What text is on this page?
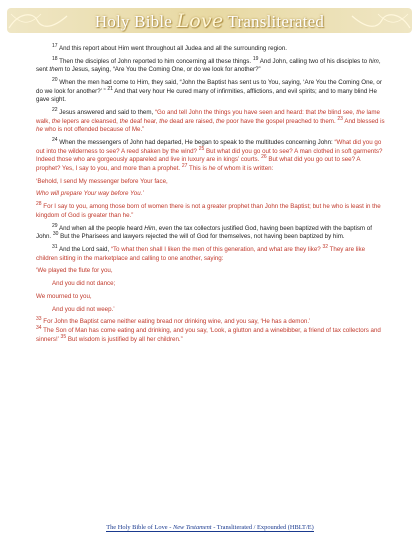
Holy Bible Love Transliterated

$^{17}$ And this report about Him went throughout all Judea and all the surrounding region.

$^{18}$ Then the disciples of John reported to him concerning all these things. $^{19}$ And John, calling two of his disciples to him, sent them to Jesus, saying, “Are You the Coming One, or do we look for another?”

$^{20}$ When the men had come to Him, they said, “John the Baptist has sent us to You, saying, ‘Are You the Coming One, or do we look for another?’ ” $^{21}$ And that very hour He cured many of infirmities, afflictions, and evil spirits; and to many blind He gave sight.

$^{22}$ Jesus answered and said to them, “Go and tell John the things you have seen and heard: that the blind see, the lame walk, the lepers are cleansed, the deaf hear, the dead are raised, the poor have the gospel preached to them. $^{23}$ And blessed is he who is not offended because of Me.”

$^{24}$ When the messengers of John had departed, He began to speak to the multitudes concerning John: “What did you go out into the wilderness to see? A reed shaken by the wind? $^{25}$ But what did you go out to see? A man clothed in soft garments? Indeed those who are gorgeously appareled and live in luxury are in kings’ courts. $^{26}$ But what did you go out to see? A prophet? Yes, I say to you, and more than a prophet. $^{27}$ This is he of whom it is written:

‘Behold, I send My messenger before Your face,

Who will prepare Your way before You.’

$^{28}$ For I say to you, among those born of women there is not a greater prophet than John the Baptist; but he who is least in the kingdom of God is greater than he.”

$^{29}$ And when all the people heard Him, even the tax collectors justified God, having been baptized with the baptism of John. $^{30}$ But the Pharisees and lawyers rejected the will of God for themselves, not having been baptized by him.

$^{31}$ And the Lord said, “To what then shall I liken the men of this generation, and what are they like? $^{32}$ They are like children sitting in the marketplace and calling to one another, saying:

‘We played the flute for you,

And you did not dance;

We mourned to you,

And you did not weep.’

$^{33}$ For John the Baptist came neither eating bread nor drinking wine, and you say, ‘He has a demon.’
$^{34}$ The Son of Man has come eating and drinking, and you say, ‘Look, a glutton and a winebibber, a friend of tax collectors and sinners!’ $^{35}$ But wisdom is justified by all her children.”

The Holy Bible of Love - New Testament - Transliterated / Expounded (HBLT/E)
